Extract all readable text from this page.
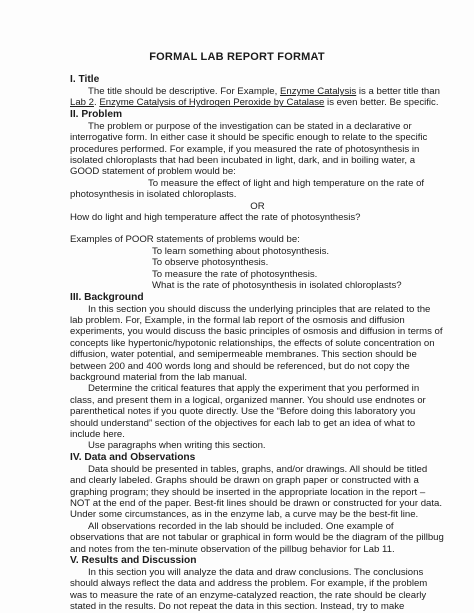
FORMAL LAB REPORT FORMAT
I. Title

The title should be descriptive. For Example, Enzyme Catalysis is a better title than

Lab 2. Enzyme Catalysis of Hydrogen Peroxide by Catalase is even better. Be specific.

II. Problem

The problem or purpose of the investigation can be stated in a declarative or

interrogative form. In either case it should be specific enough to relate to the specific

procedures performed. For example, if you measured the rate of photosynthesis in

isolated chloroplasts that had been incubated in light, dark, and in boiling water, a

GOOD statement of problem would be:

To measure the effect of light and high temperature on the rate of

photosynthesis in isolated chloroplasts.

OR

How do light and high temperature affect the rate of photosynthesis?

Examples of POOR statements of problems would be:

To learn something about photosynthesis.

To observe photosynthesis.

To measure the rate of photosynthesis.

What is the rate of photosynthesis in isolated chloroplasts?

III. Background

In this section you should discuss the underlying principles that are related to the

lab problem. For, Example, in the formal lab report of the osmosis and diffusion

experiments, you would discuss the basic principles of osmosis and diffusion in terms of

concepts like hypertonic/hypotonic relationships, the effects of solute concentration on

diffusion, water potential, and semipermeable membranes. This section should be

between 200 and 400 words long and should be referenced, but do not copy the

background material from the lab manual.

Determine the critical features that apply the experiment that you performed in

class, and present them in a logical, organized manner. You should use endnotes or

parenthetical notes if you quote directly. Use the “Before doing this laboratory you

should understand” section of the objectives for each lab to get an idea of what to

include here.

Use paragraphs when writing this section.

IV. Data and Observations

Data should be presented in tables, graphs, and/or drawings. All should be titled

and clearly labeled. Graphs should be drawn on graph paper or constructed with a

graphing program; they should be inserted in the appropriate location in the report –

NOT at the end of the paper. Best-fit lines should be drawn or constructed for your data.

Under some circumstances, as in the enzyme lab, a curve may be the best-fit line.

All observations recorded in the lab should be included. One example of

observations that are not tabular or graphical in form would be the diagram of the pillbug

and notes from the ten-minute observation of the pillbug behavior for Lab 11.

V. Results and Discussion

In this section you will analyze the data and draw conclusions. The conclusions

should always reflect the data and address the problem. For example, if the problem

was to measure the rate of an enzyme-catalyzed reaction, the rate should be clearly

stated in the results. Do not repeat the data in this section. Instead, try to make
